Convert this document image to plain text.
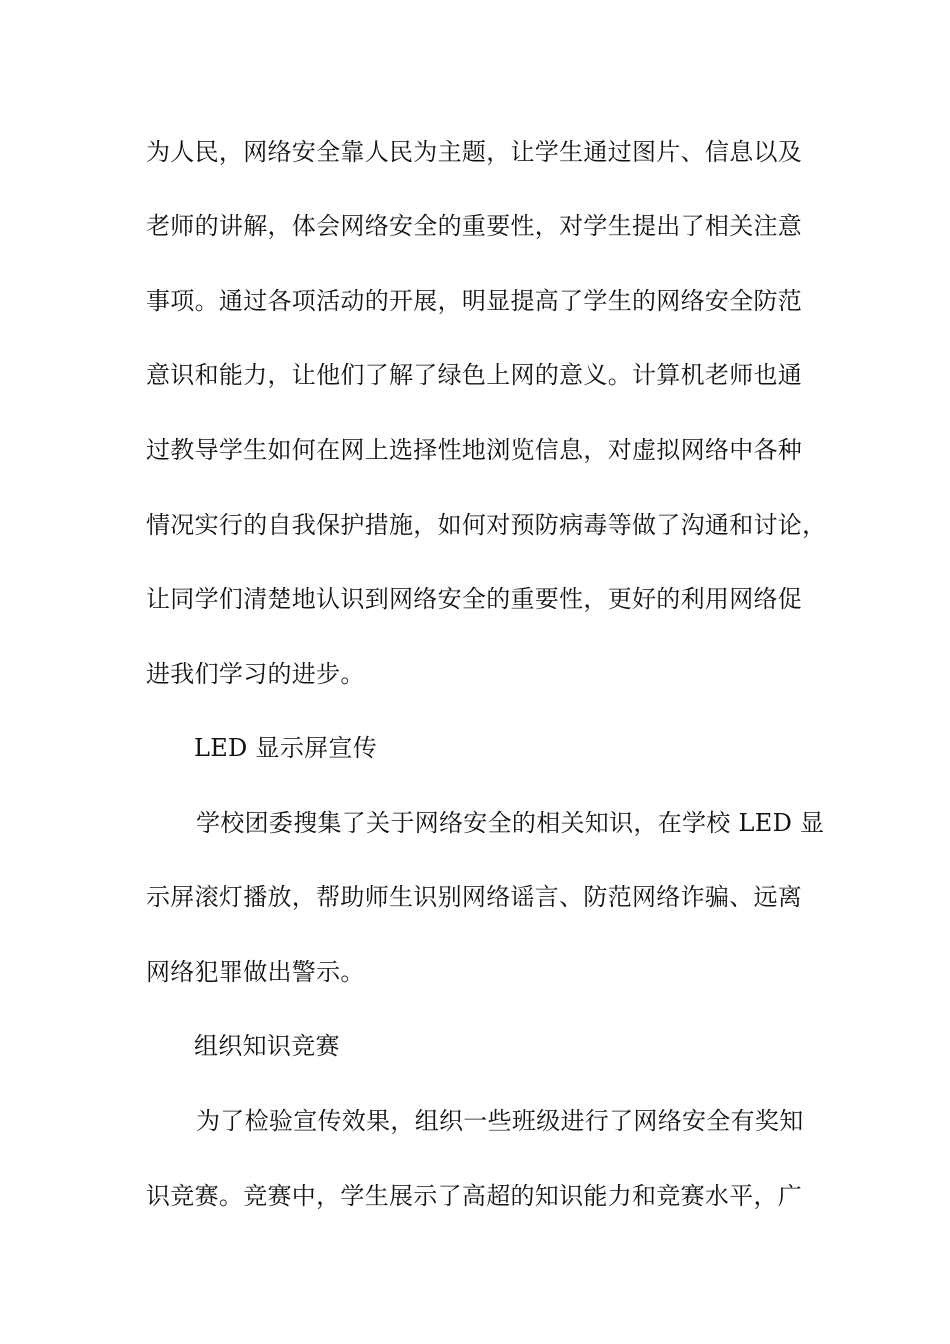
为人民，网络安全靠人民为主题，让学生通过图片、信息以及
老师的讲解，体会网络安全的重要性，对学生提出了相关注意
事项。通过各项活动的开展，明显提高了学生的网络安全防范
意识和能力，让他们了解了绿色上网的意义。计算机老师也通
过教导学生如何在网上选择性地浏览信息，对虚拟网络中各种
情况实行的自我保护措施，如何对预防病毒等做了沟通和讨论，
让同学们清楚地认识到网络安全的重要性，更好的利用网络促
进我们学习的进步。
LED 显示屏宣传
学校团委搜集了关于网络安全的相关知识，在学校 LED 显
示屏滚灯播放，帮助师生识别网络谣言、防范网络诈骗、远离
网络犯罪做出警示。
组织知识竞赛
为了检验宣传效果，组织一些班级进行了网络安全有奖知
识竞赛。竞赛中，学生展示了高超的知识能力和竞赛水平，广
